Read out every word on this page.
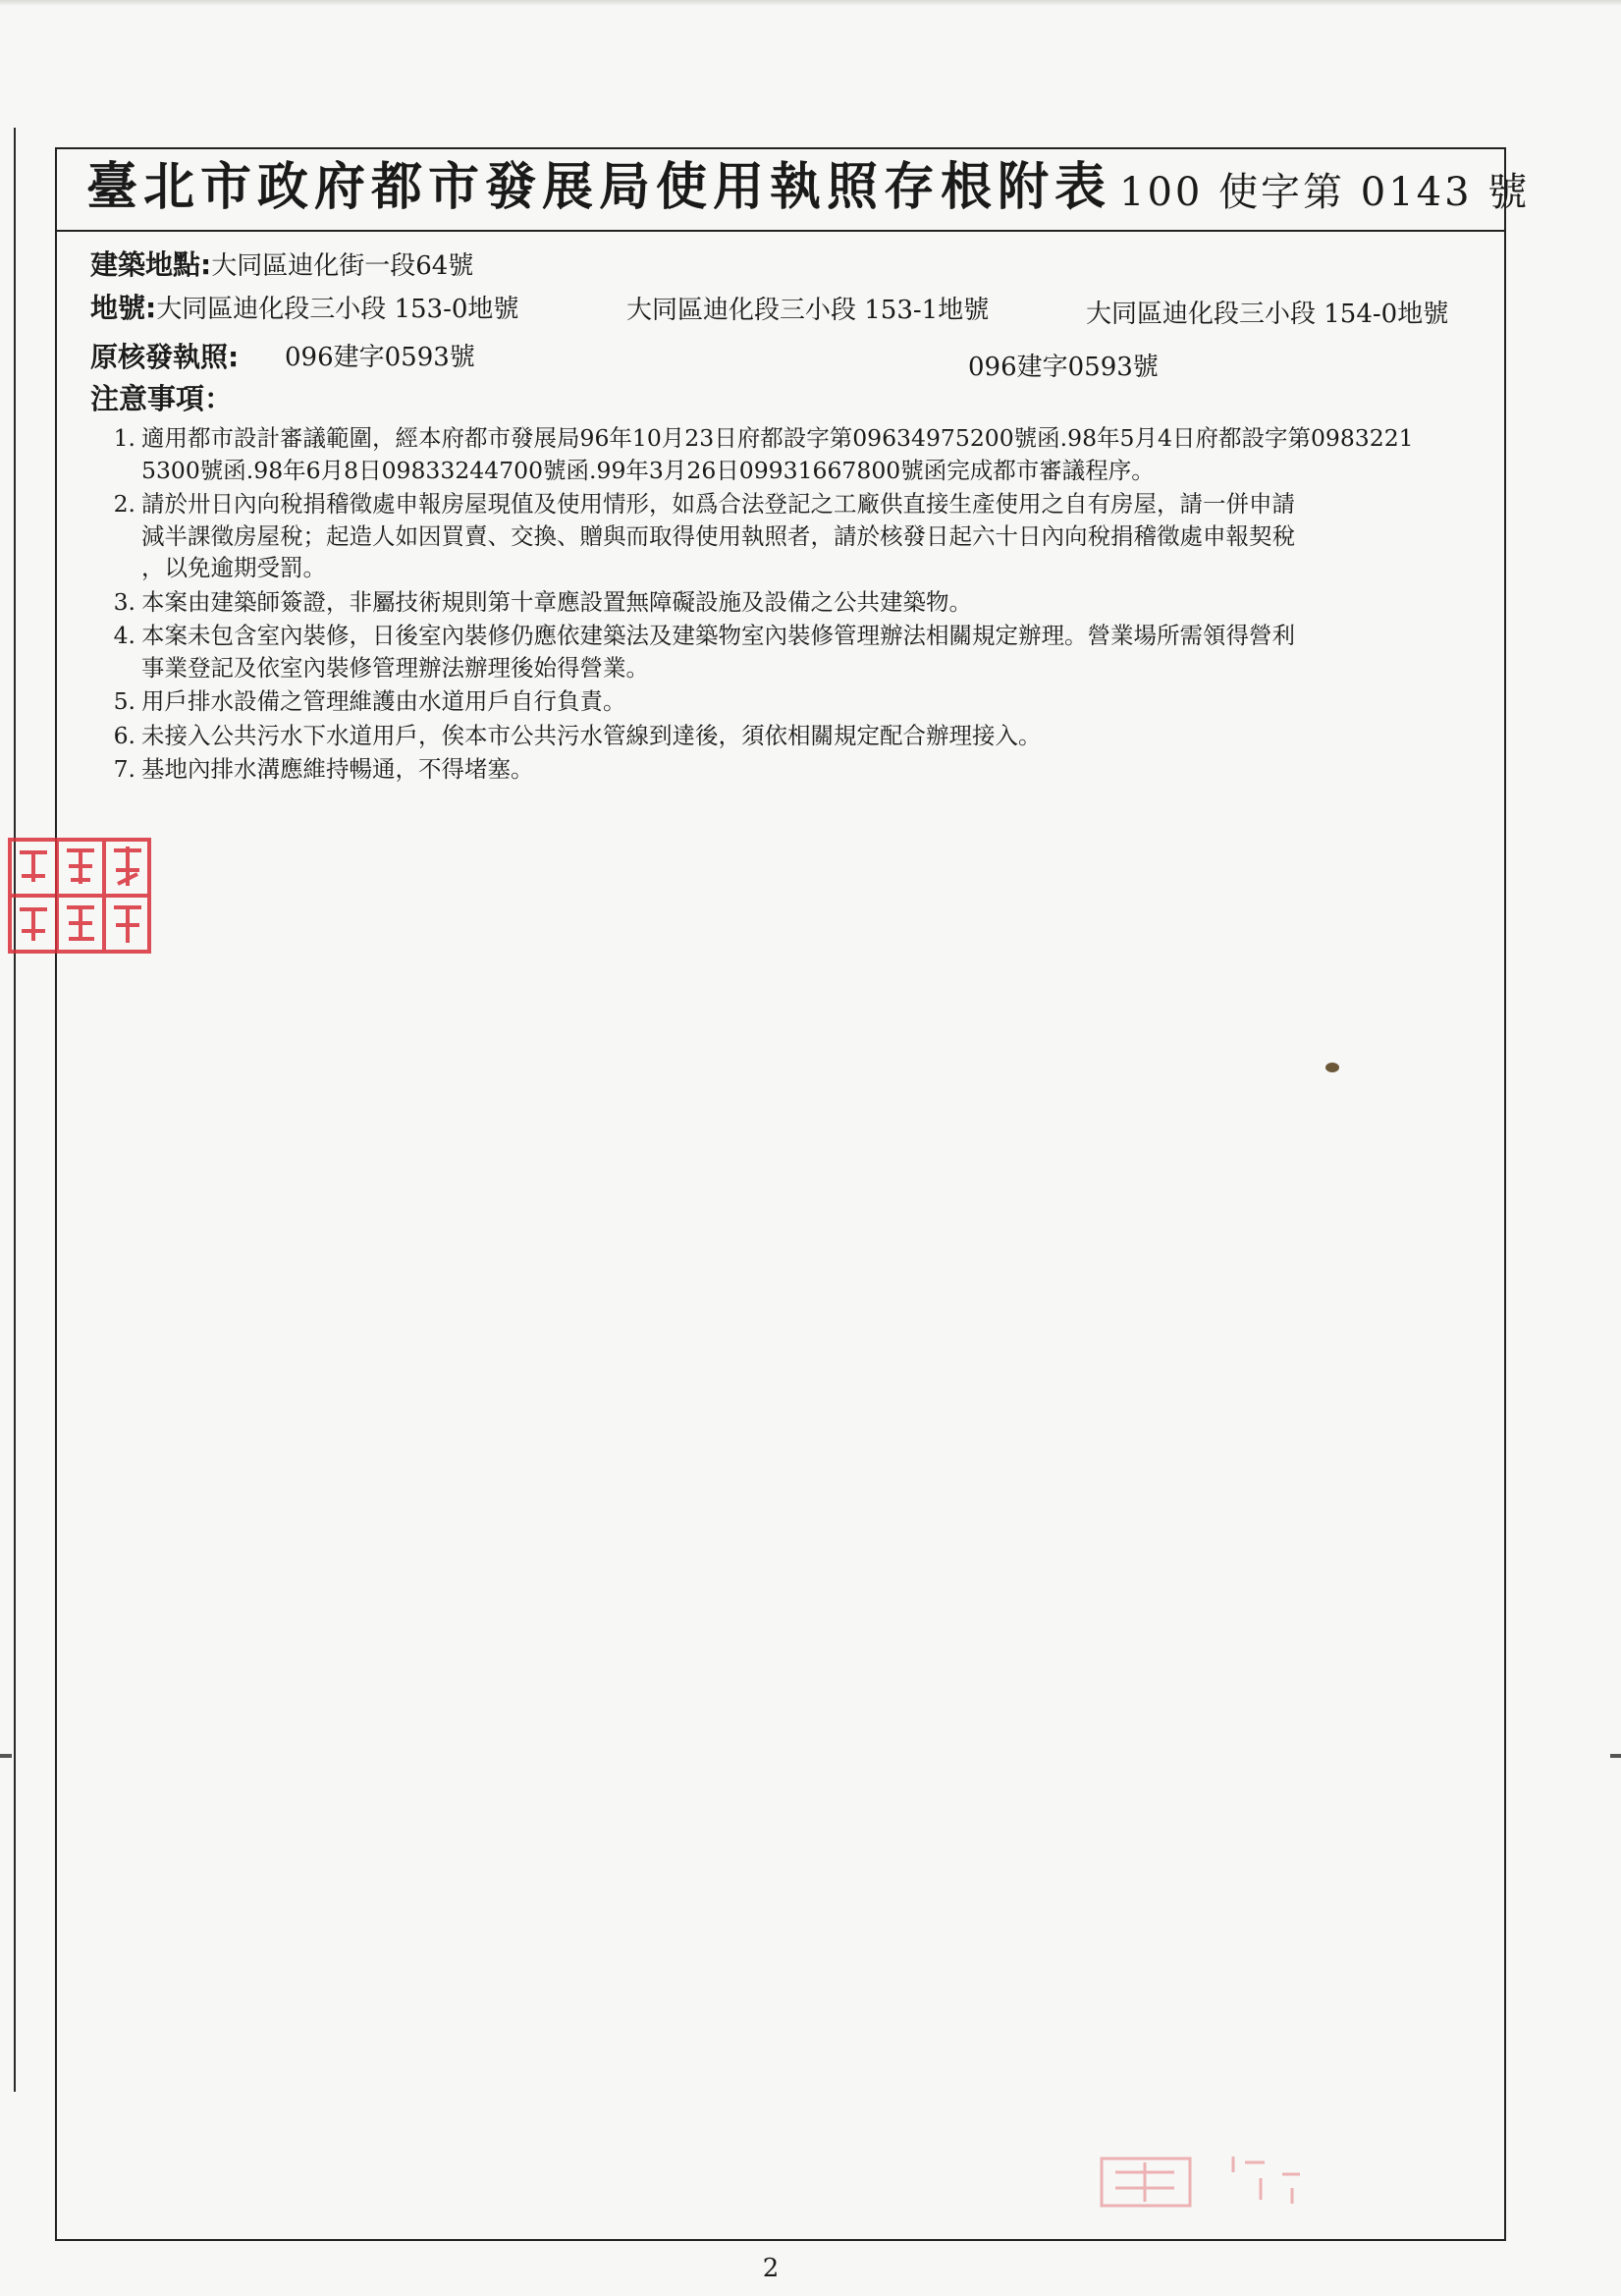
臺北市政府都市發展局使用執照存根附表 100 使字第 0143 號
建築地點:大同區迪化街一段64號
地號:大同區迪化段三小段 153-0地號	大同區迪化段三小段 153-1地號	大同區迪化段三小段 154-0地號
原核發執照: 096建字0593號	096建字0593號
注意事項：
1. 適用都市設計審議範圍，經本府都市發展局96年10月23日府都設字第09634975200號函.98年5月4日府都設字第0983221
5300號函.98年6月8日09833244700號函.99年3月26日09931667800號函完成都市審議程序。
2. 請於卅日內向稅捐稽徵處申報房屋現值及使用情形，如爲合法登記之工廠供直接生產使用之自有房屋，請一併申請
減半課徵房屋稅；起造人如因買賣、交換、贈與而取得使用執照者，請於核發日起六十日內向稅捐稽徵處申報契稅
，以免逾期受罰。
3. 本案由建築師簽證，非屬技術規則第十章應設置無障礙設施及設備之公共建築物。
4. 本案未包含室內裝修，日後室內裝修仍應依建築法及建築物室內裝修管理辦法相關規定辦理。營業場所需領得營利
事業登記及依室內裝修管理辦法辦理後始得營業。
5. 用戶排水設備之管理維護由水道用戶自行負責。
6. 未接入公共污水下水道用戶，俟本市公共污水管線到達後，須依相關規定配合辦理接入。
7. 基地內排水溝應維持暢通，不得堵塞。
2
